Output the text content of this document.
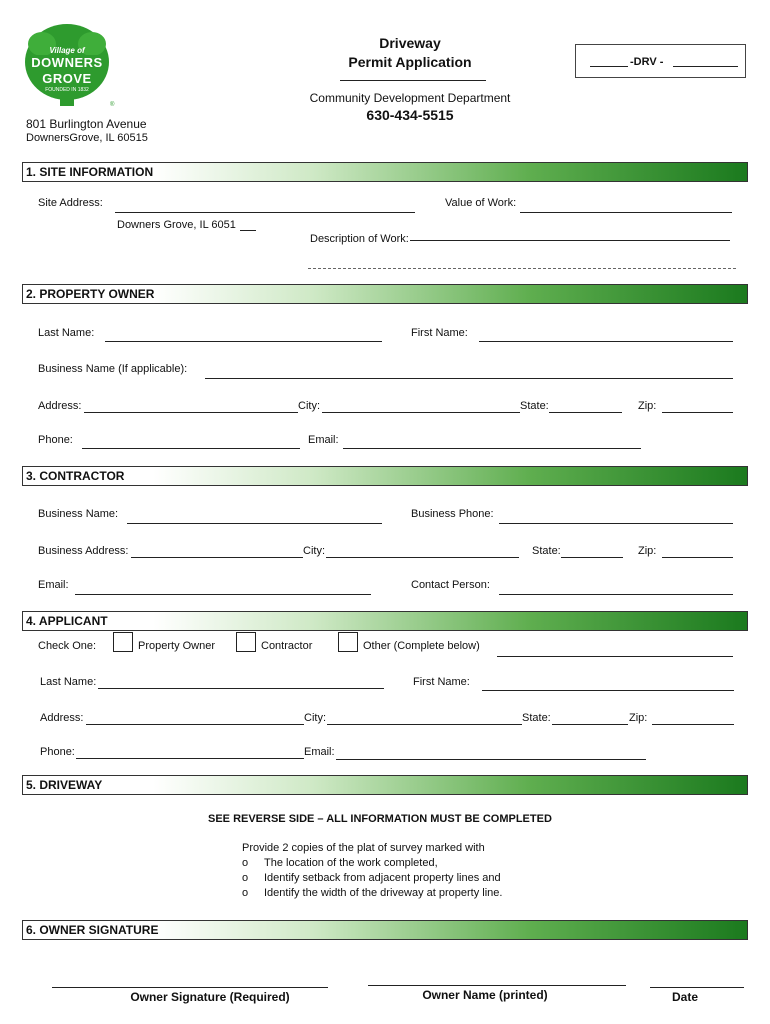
®
Village of
DOWNERS
GROVE
FOUNDED IN 1832
Driveway
Permit Application	-DRV -
Community Development Department
630-434-5515
801 Burlington Avenue
DownersGrove, IL 60515
1. SITE INFORMATION
Site Address:	Value of Work:
Downers Grove, IL 6051
Description of Work:
2. PROPERTY OWNER
Last Name:	First Name:
Business Name (If applicable):
Address:	City:	State:	Zip:
Phone:	Email:
3. CONTRACTOR
Business Name:	Business Phone:
Business Address:	City:	State:	Zip:
Email:	Contact Person:
4. APPLICANT
Check One:	Property Owner	Contractor	Other (Complete below)
Last Name:	First Name:
Address:	City:	State:	Zip:
Phone:	Email:
5. DRIVEWAY
SEE REVERSE SIDE – ALL INFORMATION MUST BE COMPLETED
Provide 2 copies of the plat of survey marked with
o The location of the work completed,
o Identify setback from adjacent property lines and
o Identify the width of the driveway at property line.
6. OWNER SIGNATURE
Owner Signature (Required)	Owner Name (printed)	Date
